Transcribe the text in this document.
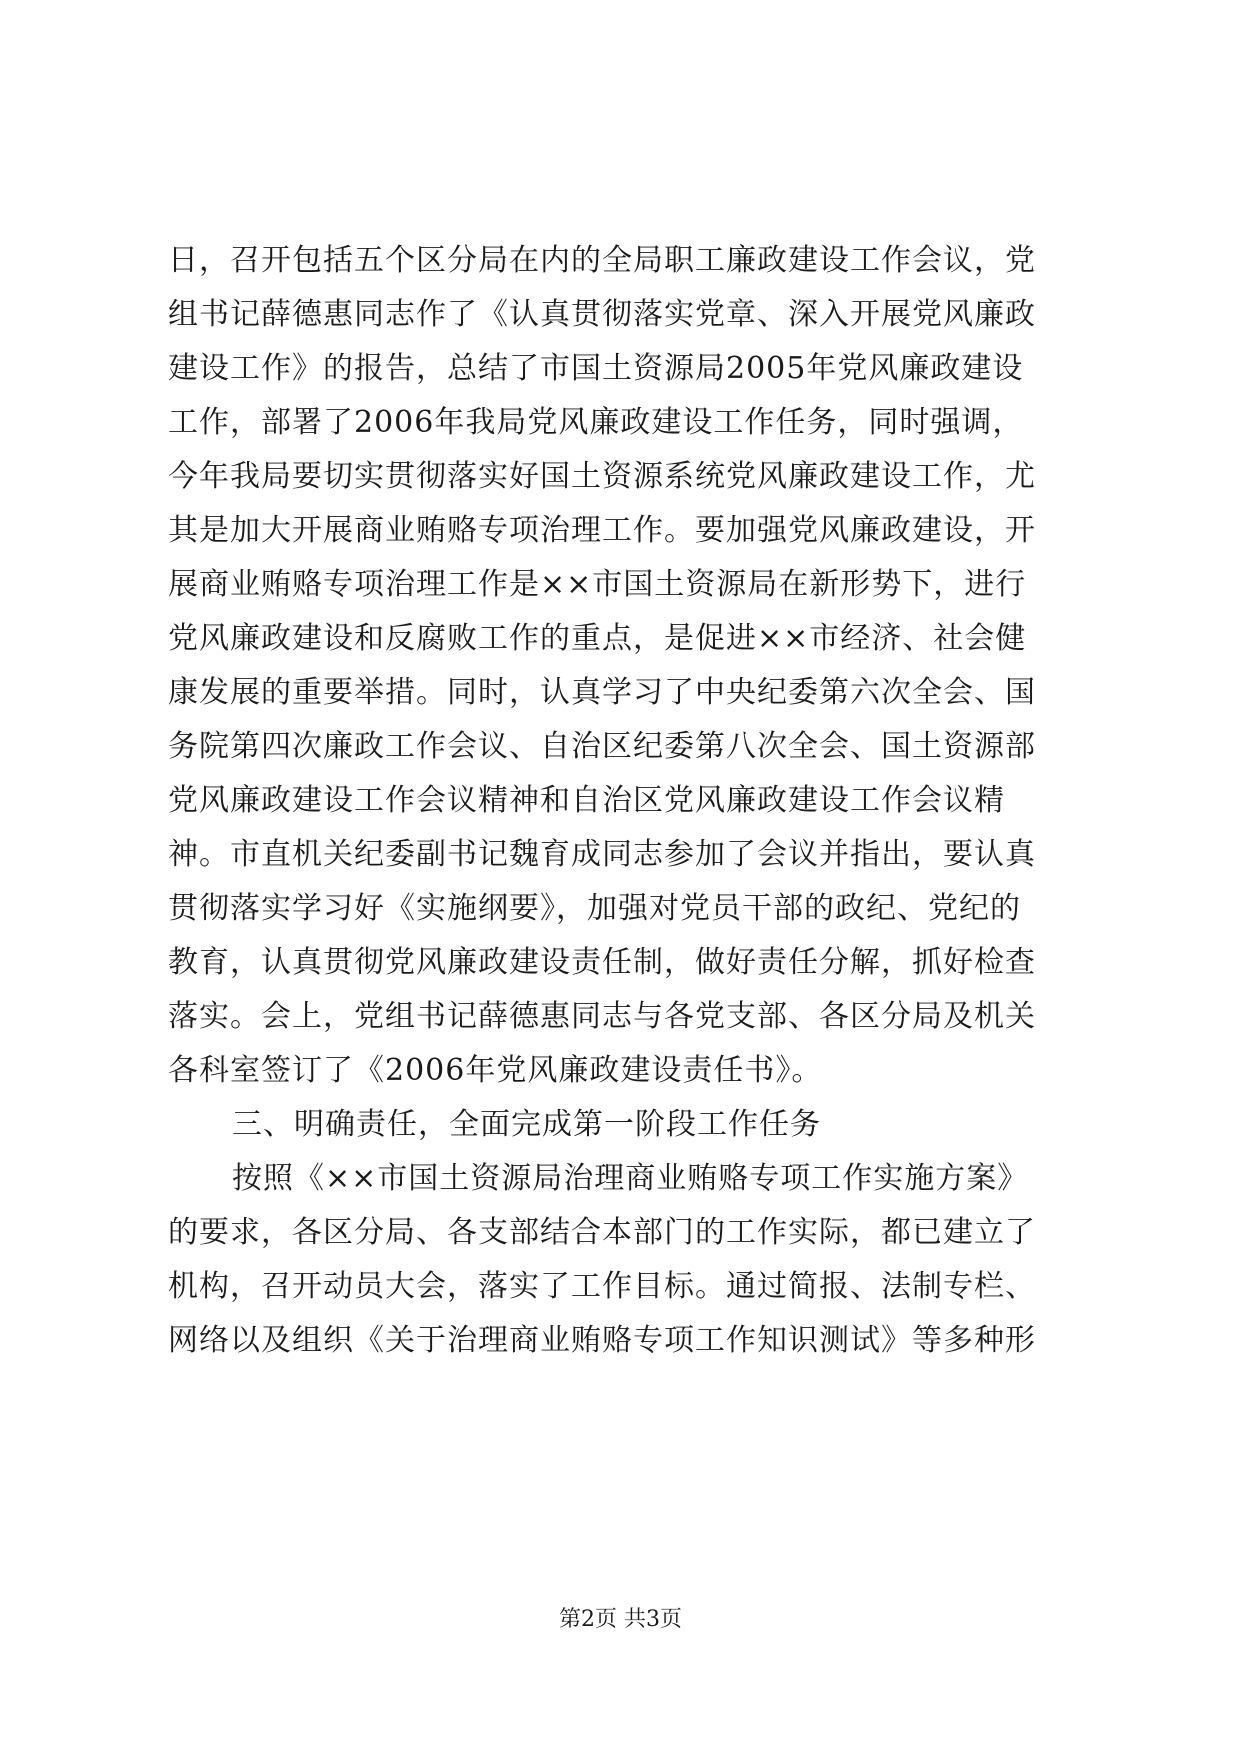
日，召开包括五个区分局在内的全局职工廉政建设工作会议，党
组书记薛德惠同志作了《认真贯彻落实党章、深入开展党风廉政
建设工作》的报告，总结了市国土资源局2005年党风廉政建设
工作，部署了2006年我局党风廉政建设工作任务，同时强调，
今年我局要切实贯彻落实好国土资源系统党风廉政建设工作，尤
其是加大开展商业贿赂专项治理工作。要加强党风廉政建设，开
展商业贿赂专项治理工作是××市国土资源局在新形势下，进行
党风廉政建设和反腐败工作的重点，是促进××市经济、社会健
康发展的重要举措。同时，认真学习了中央纪委第六次全会、国
务院第四次廉政工作会议、自治区纪委第八次全会、国土资源部
党风廉政建设工作会议精神和自治区党风廉政建设工作会议精
神。市直机关纪委副书记魏育成同志参加了会议并指出，要认真
贯彻落实学习好《实施纲要》，加强对党员干部的政纪、党纪的
教育，认真贯彻党风廉政建设责任制，做好责任分解，抓好检查
落实。会上，党组书记薛德惠同志与各党支部、各区分局及机关
各科室签订了《2006年党风廉政建设责任书》。
三、明确责任，全面完成第一阶段工作任务
按照《××市国土资源局治理商业贿赂专项工作实施方案》
的要求，各区分局、各支部结合本部门的工作实际，都已建立了
机构，召开动员大会，落实了工作目标。通过简报、法制专栏、
网络以及组织《关于治理商业贿赂专项工作知识测试》等多种形
第2页 共3页
